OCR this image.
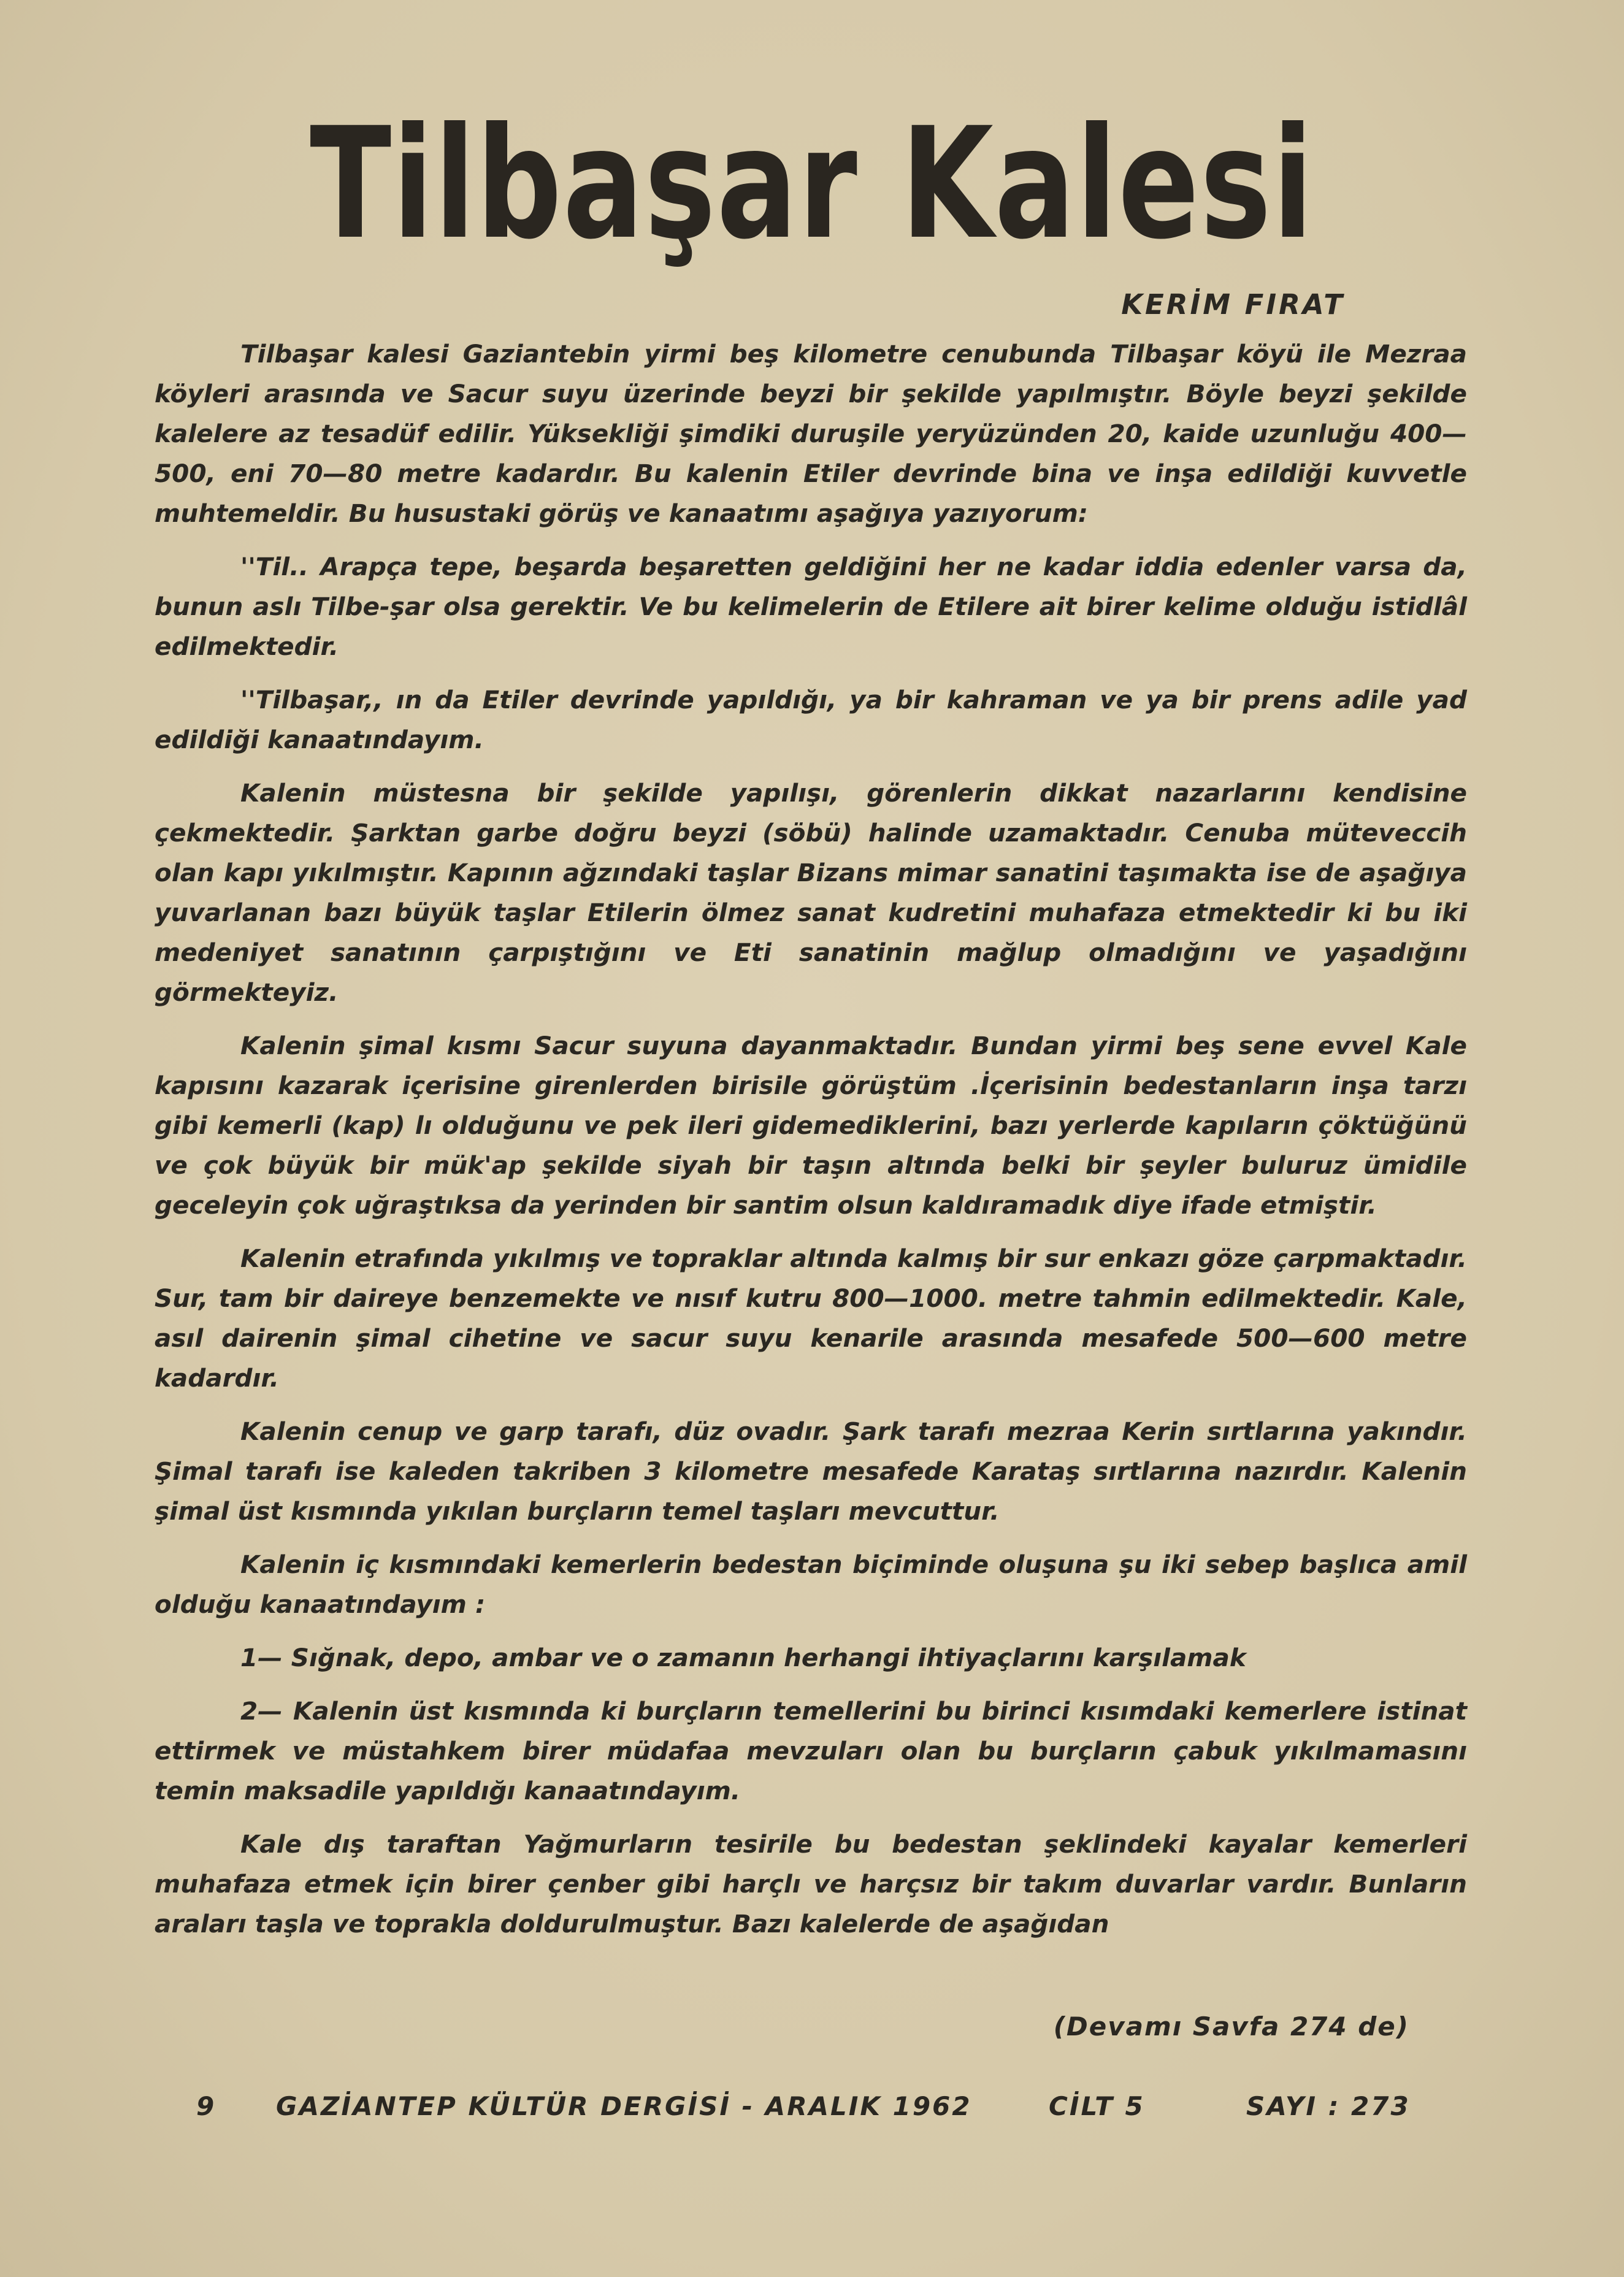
Tilbaşar Kalesi
KERİM FIRAT

Tilbaşar kalesi Gaziantebin yirmi beş kilometre cenubunda Tilbaşar köyü ile Mezraa köyleri arasında ve Sacur suyu üzerinde beyzi bir şekilde yapılmıştır. Böyle beyzi şekilde kalelere az tesadüf edilir. Yüksekliği şimdiki duruşile yeryüzünden 20, kaide uzunluğu 400—500, eni 70—80 metre kadardır. Bu kalenin Etiler devrinde bina ve inşa edildiği kuvvetle muhtemeldir. Bu husustaki görüş ve kanaatımı aşağıya yazıyorum:

''Til.. Arapça tepe, beşarda beşaretten geldiğini her ne kadar iddia edenler varsa da, bunun aslı Tilbe-şar olsa gerektir. Ve bu kelimelerin de Etilere ait birer kelime olduğu istidlâl edilmektedir.

''Tilbaşar,, ın da Etiler devrinde yapıldığı, ya bir kahraman ve ya bir prens adile yad edildiği kanaatındayım.

Kalenin müstesna bir şekilde yapılışı, görenlerin dikkat nazarlarını kendisine çekmektedir. Şarktan garbe doğru beyzi (söbü) halinde uzamaktadır. Cenuba müteveccih olan kapı yıkılmıştır. Kapının ağzındaki taşlar Bizans mimar sanatini taşımakta ise de aşağıya yuvarlanan bazı büyük taşlar Etilerin ölmez sanat kudretini muhafaza etmektedir ki bu iki medeniyet sanatının çarpıştığını ve Eti sanatinin mağlup olmadığını ve yaşadığını görmekteyiz.

Kalenin şimal kısmı Sacur suyuna dayanmaktadır. Bundan yirmi beş sene evvel Kale kapısını kazarak içerisine girenlerden birisile görüştüm .İçerisinin bedestanların inşa tarzı gibi kemerli (kap) lı olduğunu ve pek ileri gidemediklerini, bazı yerlerde kapıların çöktüğünü ve çok büyük bir mük'ap şekilde siyah bir taşın altında belki bir şeyler buluruz ümidile geceleyin çok uğraştıksa da yerinden bir santim olsun kaldıramadık diye ifade etmiştir.

Kalenin etrafında yıkılmış ve topraklar altında kalmış bir sur enkazı göze çarpmaktadır. Sur, tam bir daireye benzemekte ve nısıf kutru 800—1000. metre tahmin edilmektedir. Kale, asıl dairenin şimal cihetine ve sacur suyu kenarile arasında mesafede 500—600 metre kadardır.

Kalenin cenup ve garp tarafı, düz ovadır. Şark tarafı mezraa Kerin sırtlarına yakındır. Şimal tarafı ise kaleden takriben 3 kilometre mesafede Karataş sırtlarına nazırdır. Kalenin şimal üst kısmında yıkılan burçların temel taşları mevcuttur.

Kalenin iç kısmındaki kemerlerin bedestan biçiminde oluşuna şu iki sebep başlıca amil olduğu kanaatındayım :

1— Sığnak, depo, ambar ve o zamanın herhangi ihtiyaçlarını karşılamak

2— Kalenin üst kısmında ki burçların temellerini bu birinci kısımdaki kemerlere istinat ettirmek ve müstahkem birer müdafaa mevzuları olan bu burçların çabuk yıkılmamasını temin maksadile yapıldığı kanaatındayım.

Kale dış taraftan Yağmurların tesirile bu bedestan şeklindeki kayalar kemerleri muhafaza etmek için birer çenber gibi harçlı ve harçsız bir takım duvarlar vardır. Bunların araları taşla ve toprakla doldurulmuştur. Bazı kalelerde de aşağıdan

(Devamı Savfa 274 de)
9 GAZİANTEP KÜLTÜR DERGİSİ - ARALIK 1962	CİLT 5	SAYI : 273
